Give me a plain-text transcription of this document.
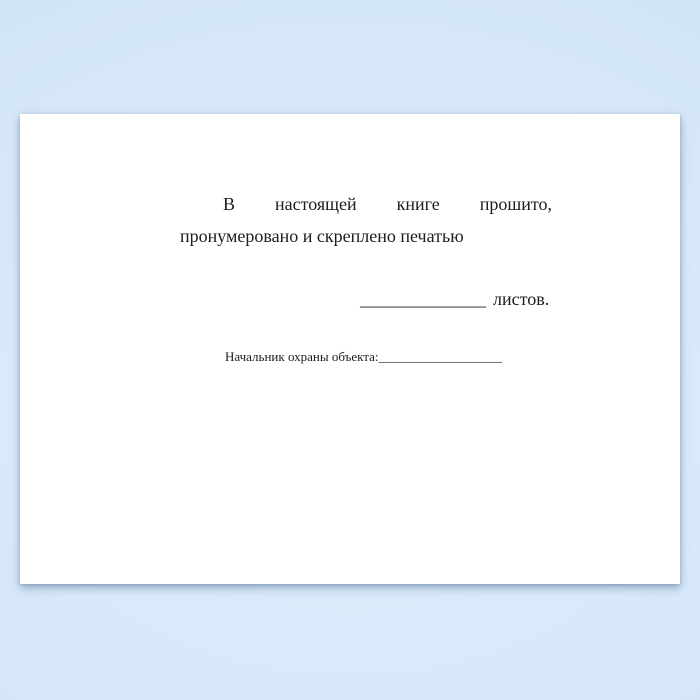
В настоящей книге прошито,
пронумеровано и скреплено печатью
______________ листов.
Начальник охраны объекта:___________________
